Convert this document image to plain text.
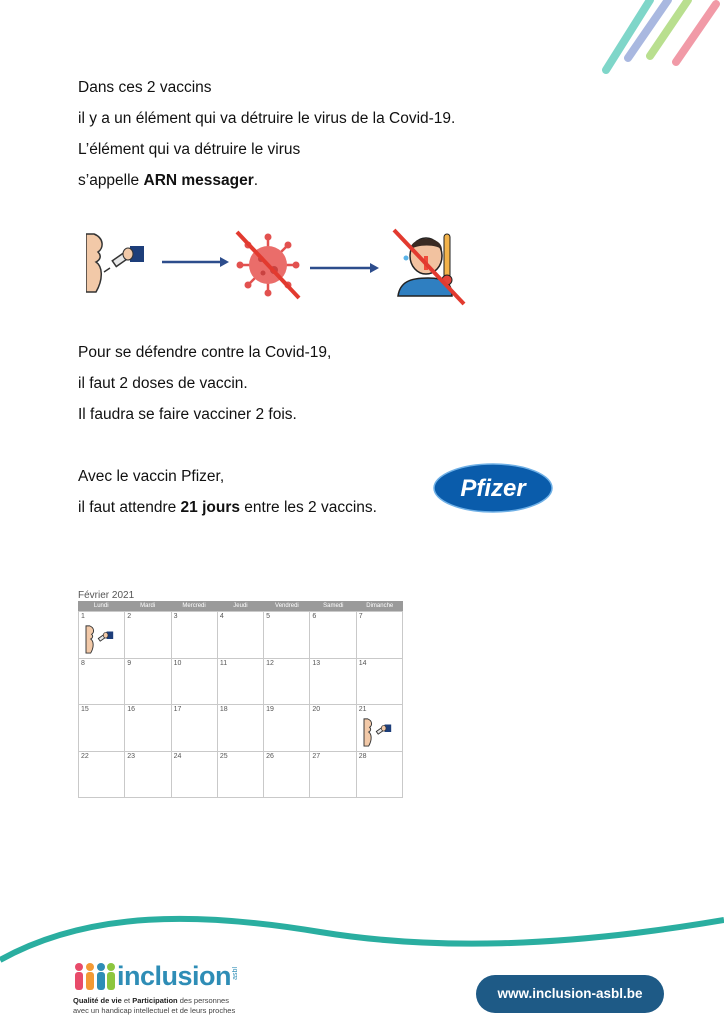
Dans ces 2 vaccins
il y a un élément qui va détruire le virus de la Covid-19.
L’élément qui va détruire le virus
s’appelle ARN messager.
Pour se défendre contre la Covid-19,
il faut 2 doses de vaccin.
Il faudra se faire vacciner 2 fois.
Avec le vaccin Pfizer,
il faut attendre 21 jours entre les 2 vaccins.
Pfizer
Février 2021
Lundi	Mardi	Mercredi	Jeudi	Vendredi	Samedi	Dimanche
1	2	3	4	5	6	7
8	9	10	11	12	13	14
15	16	17	18	19	20	21
22	23	24	25	26	27	28
inclusion asbl
Qualité de vie et Participation des personnes
avec un handicap intellectuel et de leurs proches
www.inclusion-asbl.be
